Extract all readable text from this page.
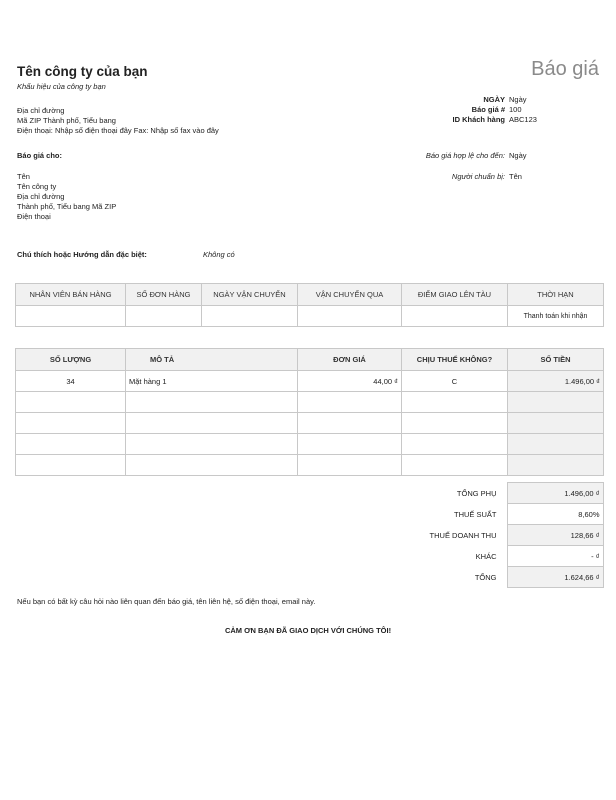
Tên công ty của bạn
Khẩu hiệu của công ty bạn
Báo giá
Địa chỉ đường
Mã ZIP Thành phố, Tiểu bang
Điện thoại: Nhập số điện thoại đây Fax: Nhập số fax vào đây
NGÀY Ngày
Báo giá # 100
ID Khách hàng ABC123
Báo giá cho:
Tên
Tên công ty
Địa chỉ đường
Thành phố, Tiểu bang Mã ZIP
Điện thoại
Báo giá hợp lệ cho đến: Ngày
Người chuẩn bị: Tên
Chú thích hoặc Hướng dẫn đặc biệt:	Không có
NHÂN VIÊN BÁN HÀNG	SỐ ĐƠN HÀNG	NGÀY VẬN CHUYỂN	VẬN CHUYỂN QUA	ĐIỂM GIAO LÊN TÀU	THỜI HẠN
					Thanh toán khi nhận
SỐ LƯỢNG	MÔ TẢ	ĐƠN GIÁ	CHỊU THUẾ KHÔNG?	SỐ TIỀN
34	Mặt hàng 1	44,00 ₫	C	1.496,00 ₫

TỔNG PHỤ	1.496,00 ₫
THUẾ SUẤT	8,60%
THUẾ DOANH THU	128,66 ₫
KHÁC	- ₫
TỔNG	1.624,66 ₫
Nếu bạn có bất kỳ câu hỏi nào liên quan đến báo giá, tên liên hệ, số điện thoại, email này.
CẢM ƠN BẠN ĐÃ GIAO DỊCH VỚI CHÚNG TÔI!
